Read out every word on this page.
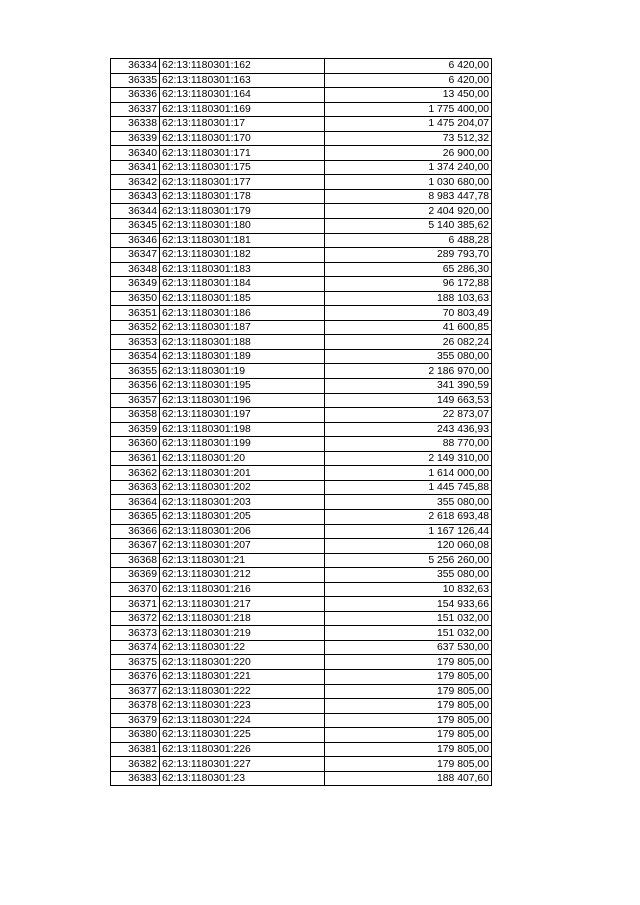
36334	62:13:1180301:162	6 420,00
36335	62:13:1180301:163	6 420,00
36336	62:13:1180301:164	13 450,00
36337	62:13:1180301:169	1 775 400,00
36338	62:13:1180301:17	1 475 204,07
36339	62:13:1180301:170	73 512,32
36340	62:13:1180301:171	26 900,00
36341	62:13:1180301:175	1 374 240,00
36342	62:13:1180301:177	1 030 680,00
36343	62:13:1180301:178	8 983 447,78
36344	62:13:1180301:179	2 404 920,00
36345	62:13:1180301:180	5 140 385,62
36346	62:13:1180301:181	6 488,28
36347	62:13:1180301:182	289 793,70
36348	62:13:1180301:183	65 286,30
36349	62:13:1180301:184	96 172,88
36350	62:13:1180301:185	188 103,63
36351	62:13:1180301:186	70 803,49
36352	62:13:1180301:187	41 600,85
36353	62:13:1180301:188	26 082,24
36354	62:13:1180301:189	355 080,00
36355	62:13:1180301:19	2 186 970,00
36356	62:13:1180301:195	341 390,59
36357	62:13:1180301:196	149 663,53
36358	62:13:1180301:197	22 873,07
36359	62:13:1180301:198	243 436,93
36360	62:13:1180301:199	88 770,00
36361	62:13:1180301:20	2 149 310,00
36362	62:13:1180301:201	1 614 000,00
36363	62:13:1180301:202	1 445 745,88
36364	62:13:1180301:203	355 080,00
36365	62:13:1180301:205	2 618 693,48
36366	62:13:1180301:206	1 167 126,44
36367	62:13:1180301:207	120 060,08
36368	62:13:1180301:21	5 256 260,00
36369	62:13:1180301:212	355 080,00
36370	62:13:1180301:216	10 832,63
36371	62:13:1180301:217	154 933,66
36372	62:13:1180301:218	151 032,00
36373	62:13:1180301:219	151 032,00
36374	62:13:1180301:22	637 530,00
36375	62:13:1180301:220	179 805,00
36376	62:13:1180301:221	179 805,00
36377	62:13:1180301:222	179 805,00
36378	62:13:1180301:223	179 805,00
36379	62:13:1180301:224	179 805,00
36380	62:13:1180301:225	179 805,00
36381	62:13:1180301:226	179 805,00
36382	62:13:1180301:227	179 805,00
36383	62:13:1180301:23	188 407,60
